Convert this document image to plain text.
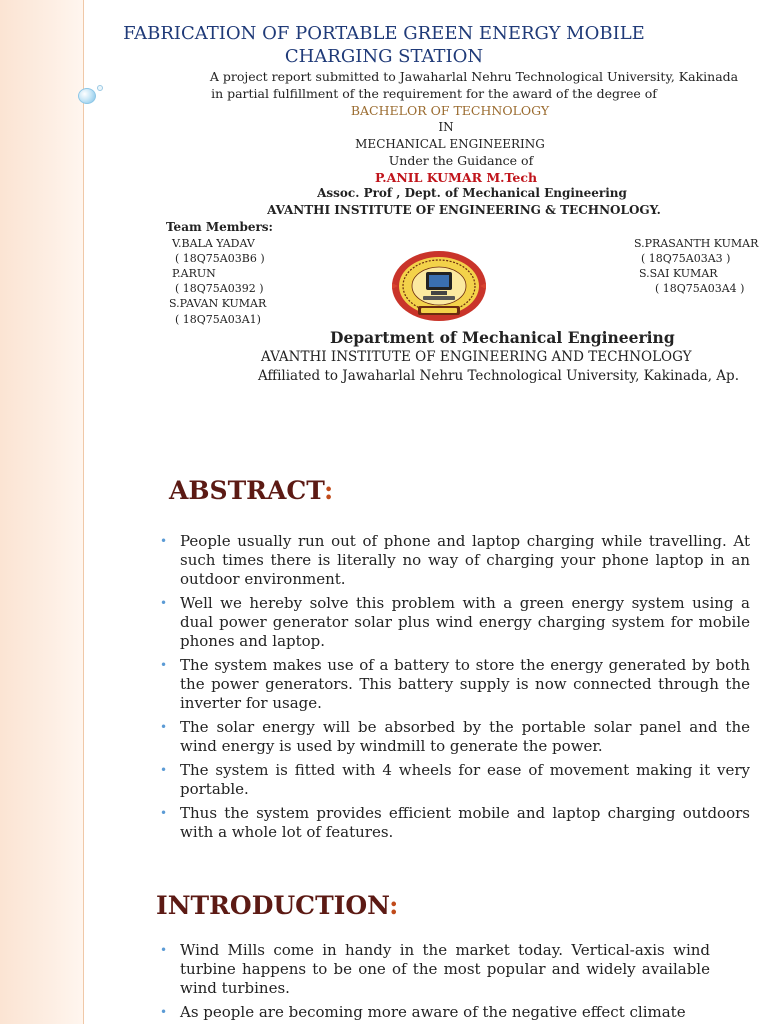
FABRICATION OF PORTABLE GREEN ENERGY MOBILE
CHARGING STATION
A project report submitted to Jawaharlal Nehru Technological University, Kakinada
in partial fulfillment of the requirement for the award of the degree of
BACHELOR OF TECHNOLOGY
IN
MECHANICAL ENGINEERING
Under the Guidance of
P.ANIL KUMAR M.Tech
Assoc. Prof , Dept. of Mechanical Engineering
AVANTHI INSTITUTE OF ENGINEERING & TECHNOLOGY.
Team Members:
V.BALA YADAV
( 18Q75A03B6 )
P.ARUN
( 18Q75A0392 )
S.PAVAN KUMAR
( 18Q75A03A1)
S.PRASANTH KUMAR
( 18Q75A03A3 )
S.SAI KUMAR
( 18Q75A03A4 )
Department of Mechanical Engineering
AVANTHI INSTITUTE OF ENGINEERING AND TECHNOLOGY
Affiliated to Jawaharlal Nehru Technological University, Kakinada, Ap.
ABSTRACT:
• People usually run out of phone and laptop charging while travelling. At such times there is literally no way of charging your phone laptop in an outdoor environment.
• Well we hereby solve this problem with a green energy system using a dual power generator solar plus wind energy charging system for mobile phones and laptop.
• The system makes use of a battery to store the energy generated by both the power generators. This battery supply is now connected through the inverter for usage.
• The solar energy will be absorbed by the portable solar panel and the wind energy is used by windmill to generate the power.
• The system is fitted with 4 wheels for ease of movement making it very portable.
• Thus the system provides efficient mobile and laptop charging outdoors with a whole lot of features.
INTRODUCTION:
• Wind Mills come in handy in the market today. Vertical-axis wind turbine happens to be one of the most popular and widely available wind turbines.
• As people are becoming more aware of the negative effect climate
